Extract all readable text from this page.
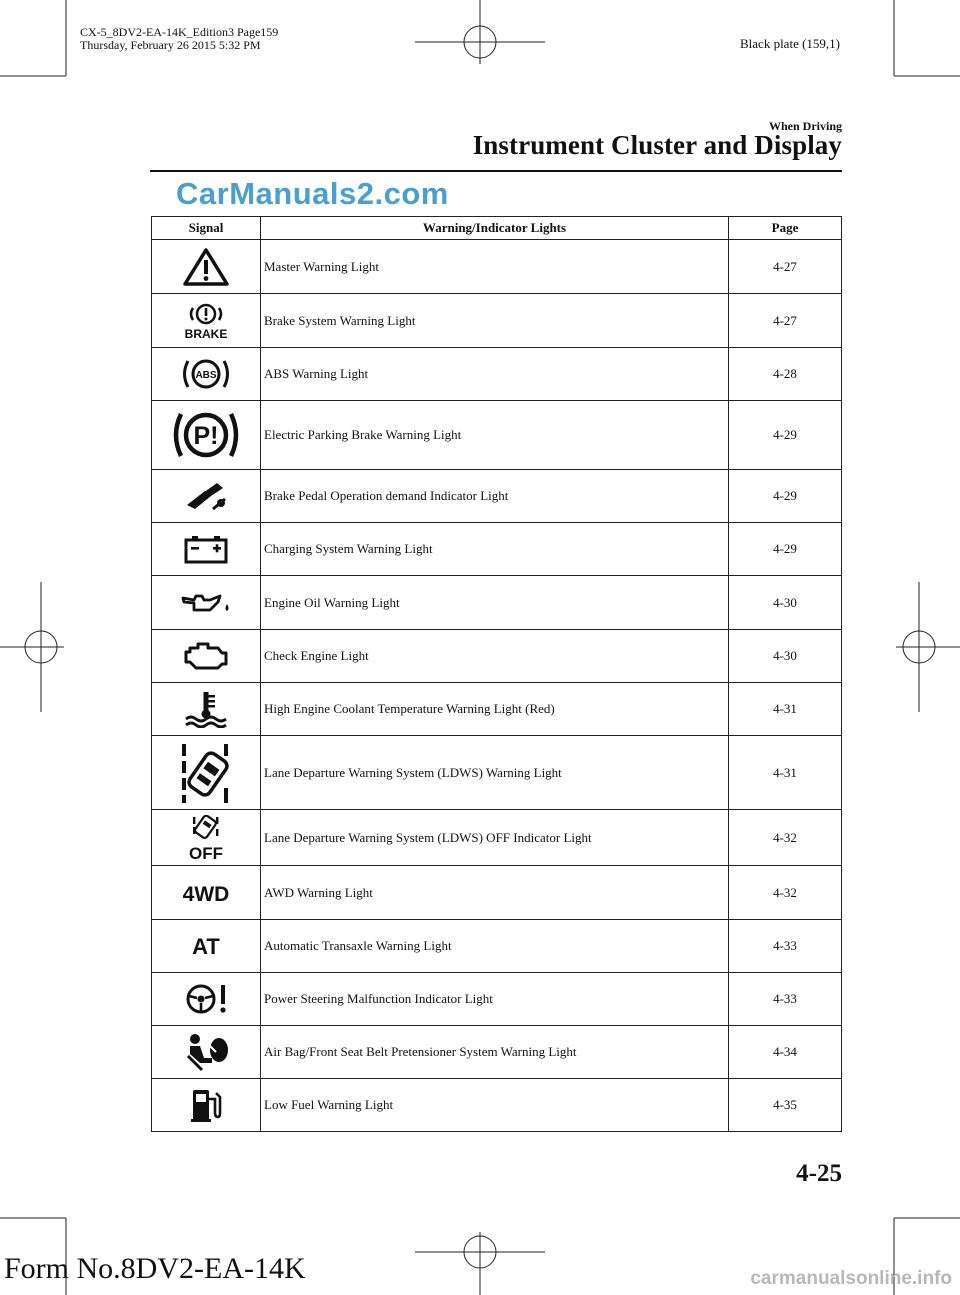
CX-5_8DV2-EA-14K_Edition3 Page159
Thursday, February 26 2015 5:32 PM	Black plate (159,1)
When Driving
Instrument Cluster and Display
CarManuals2.com
Signal	Warning/Indicator Lights	Page
	Master Warning Light	4-27

BRAKE	Brake System Warning Light	4-27

ABS	ABS Warning Light	4-28

P!	Electric Parking Brake Warning Light	4-29
	Brake Pedal Operation demand Indicator Light	4-29
	Charging System Warning Light	4-29
	Engine Oil Warning Light	4-30
	Check Engine Light	4-30
	High Engine Coolant Temperature Warning Light (Red)	4-31
	Lane Departure Warning System (LDWS) Warning Light	4-31

OFF	Lane Departure Warning System (LDWS) OFF Indicator Light	4-32

4WD	AWD Warning Light	4-32

AT	Automatic Transaxle Warning Light	4-33
	Power Steering Malfunction Indicator Light	4-33
	Air Bag/Front Seat Belt Pretensioner System Warning Light	4-34
	Low Fuel Warning Light	4-35
4-25
Form No.8DV2-EA-14K	carmanualsonline.info
